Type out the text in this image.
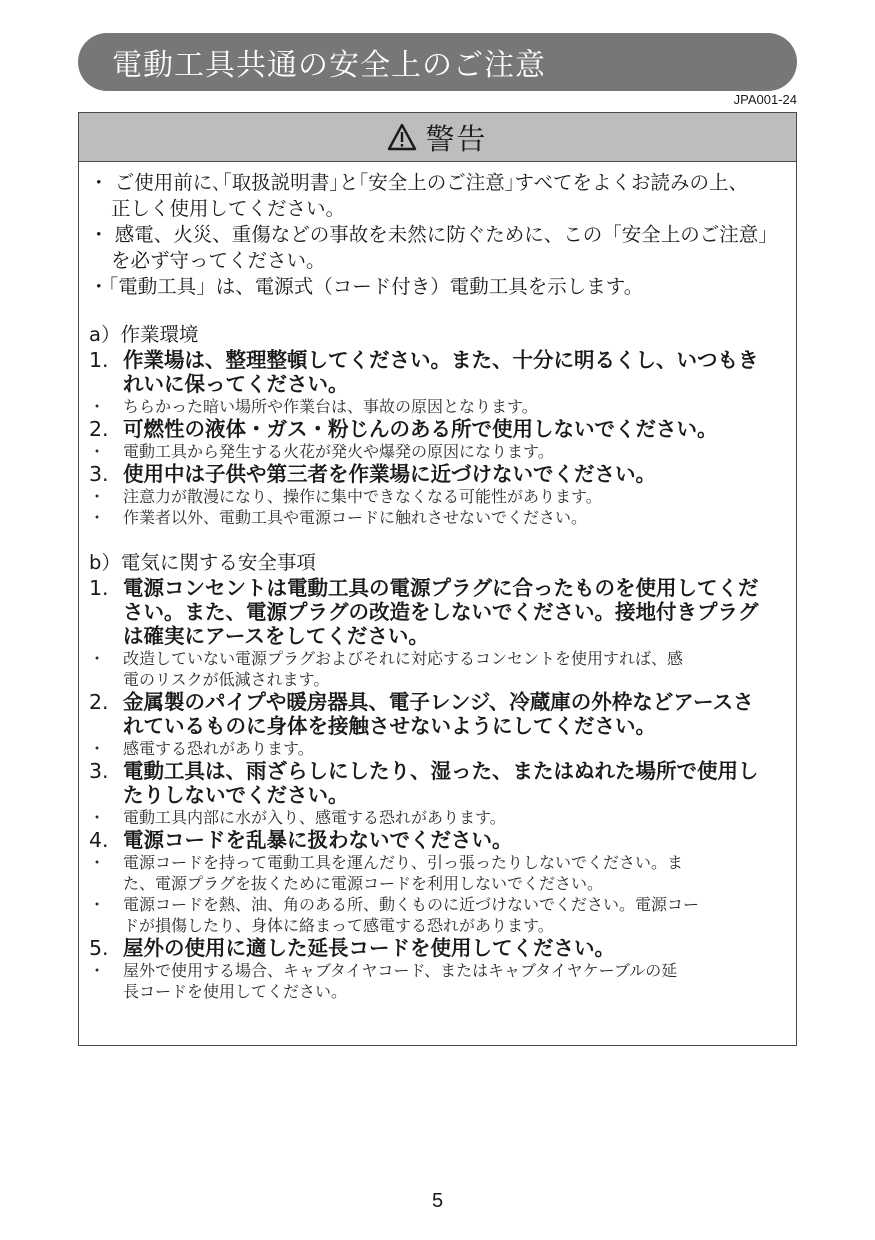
電動工具共通の安全上のご注意
JPA001-24
警告

・ ご使用前に､｢取扱説明書｣と｢安全上のご注意｣すべてをよくお読みの上、

正しく使用してください。

・ 感電、火災、重傷などの事故を未然に防ぐために、この「安全上のご注意」

を必ず守ってください。

・「電動工具」は、電源式（コード付き）電動工具を示します。

a）作業環境

1. 作業場は、整理整頓してください。また、十分に明るくし、いつもき

れいに保ってください。

・ ちらかった暗い場所や作業台は、事故の原因となります。

2. 可燃性の液体・ガス・粉じんのある所で使用しないでください。

・ 電動工具から発生する火花が発火や爆発の原因になります。

3. 使用中は子供や第三者を作業場に近づけないでください。

・ 注意力が散漫になり、操作に集中できなくなる可能性があります。

・ 作業者以外、電動工具や電源コードに触れさせないでください。

b）電気に関する安全事項

1. 電源コンセントは電動工具の電源プラグに合ったものを使用してくだ

さい。また、電源プラグの改造をしないでください。接地付きプラグ

は確実にアースをしてください。

・ 改造していない電源プラグおよびそれに対応するコンセントを使用すれば、感

電のリスクが低減されます。

2. 金属製のパイプや暖房器具、電子レンジ、冷蔵庫の外枠などアースさ

れているものに身体を接触させないようにしてください。

・ 感電する恐れがあります。

3. 電動工具は、雨ざらしにしたり、湿った、またはぬれた場所で使用し

たりしないでください。

・ 電動工具内部に水が入り、感電する恐れがあります。

4. 電源コードを乱暴に扱わないでください。

・ 電源コードを持って電動工具を運んだり、引っ張ったりしないでください。ま

た、電源プラグを抜くために電源コードを利用しないでください。

・ 電源コードを熱、油、角のある所、動くものに近づけないでください。電源コー

ドが損傷したり、身体に絡まって感電する恐れがあります。

5. 屋外の使用に適した延長コードを使用してください。

・ 屋外で使用する場合、キャブタイヤコード、またはキャブタイヤケーブルの延

長コードを使用してください。

5
